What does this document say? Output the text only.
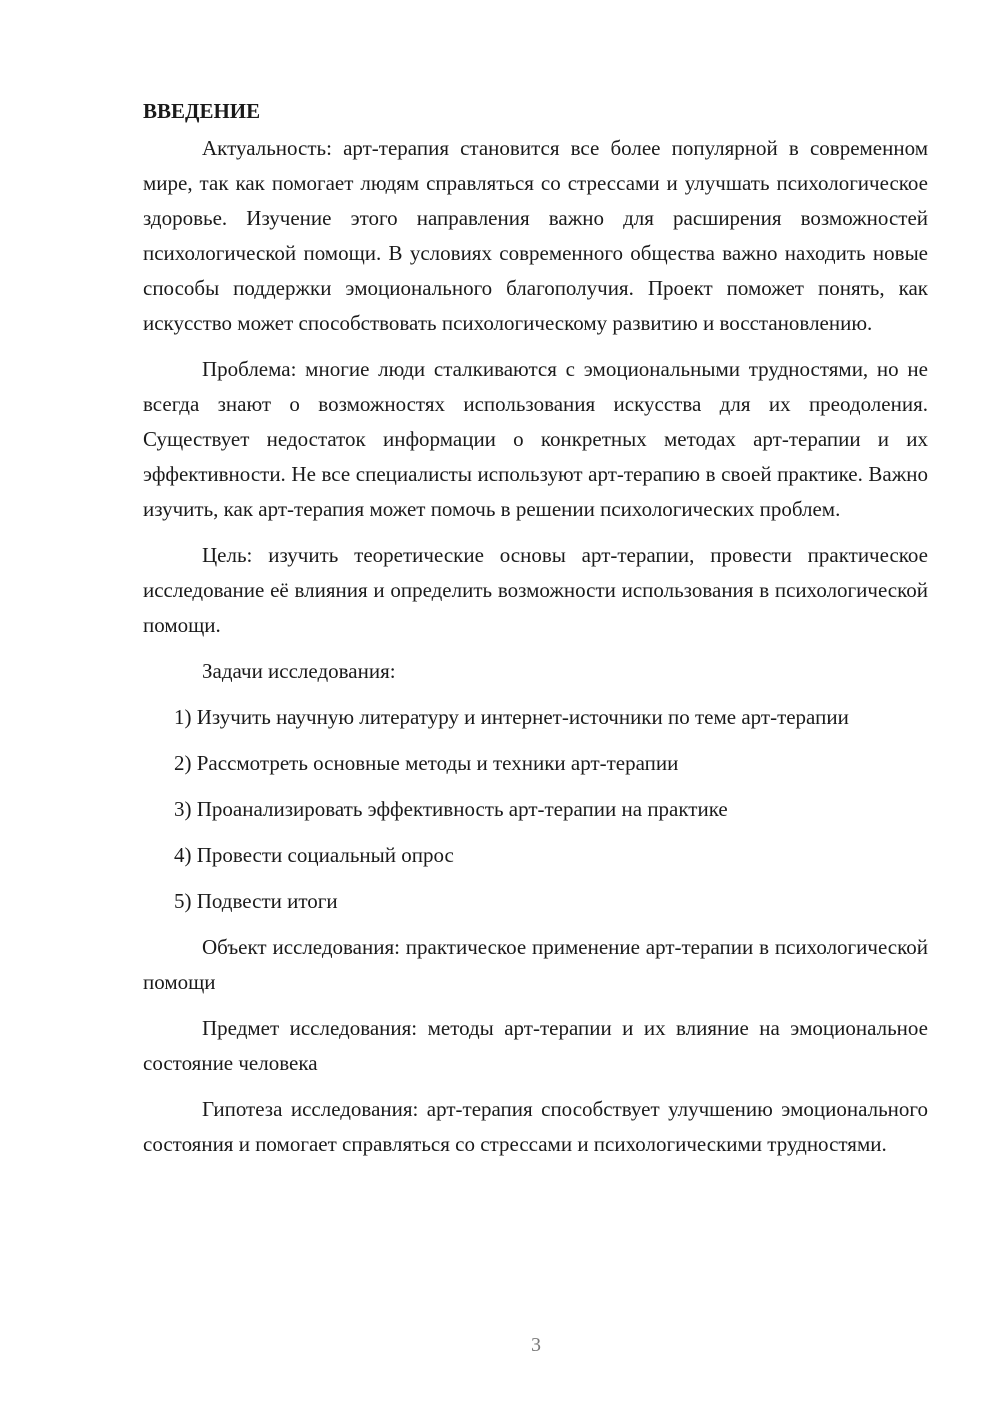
ВВЕДЕНИЕ

Актуальность: арт-терапия становится все более популярной в современном мире, так как помогает людям справляться со стрессами и улучшать психологическое здоровье. Изучение этого направления важно для расширения возможностей психологической помощи. В условиях современного общества важно находить новые способы поддержки эмоционального благополучия. Проект поможет понять, как искусство может способствовать психологическому развитию и восстановлению.

Проблема: многие люди сталкиваются с эмоциональными трудностями, но не всегда знают о возможностях использования искусства для их преодоления. Существует недостаток информации о конкретных методах арт-терапии и их эффективности. Не все специалисты используют арт-терапию в своей практике. Важно изучить, как арт-терапия может помочь в решении психологических проблем.

Цель: изучить теоретические основы арт-терапии, провести практическое исследование её влияния и определить возможности использования в психологической помощи.

Задачи исследования:

1) Изучить научную литературу и интернет-источники по теме арт-терапии

2) Рассмотреть основные методы и техники арт-терапии

3) Проанализировать эффективность арт-терапии на практике

4) Провести социальный опрос

5) Подвести итоги

Объект исследования: практическое применение арт-терапии в психологической помощи

Предмет исследования: методы арт-терапии и их влияние на эмоциональное состояние человека

Гипотеза исследования: арт-терапия способствует улучшению эмоционального состояния и помогает справляться со стрессами и психологическими трудностями.

3
